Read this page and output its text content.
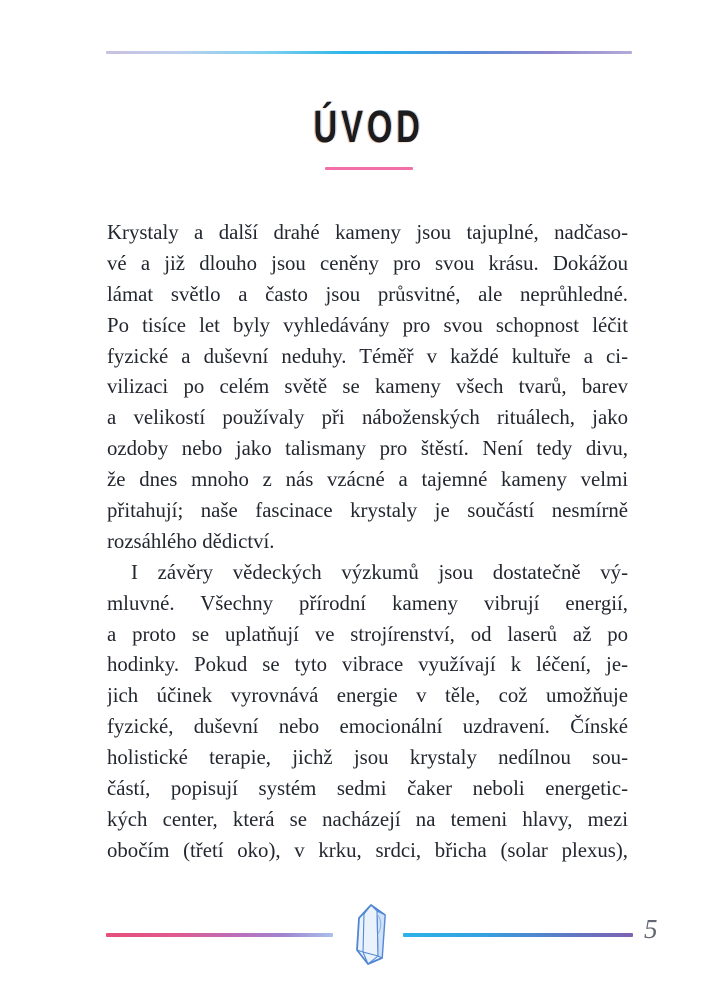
ÚVOD
Krystaly a další drahé kameny jsou tajuplné, nadčaso-
vé a již dlouho jsou ceněny pro svou krásu. Dokážou
lámat světlo a často jsou průsvitné, ale neprůhledné.
Po tisíce let byly vyhledávány pro svou schopnost léčit
fyzické a duševní neduhy. Téměř v každé kultuře a ci-
vilizaci po celém světě se kameny všech tvarů, barev
a velikostí používaly při náboženských rituálech, jako
ozdoby nebo jako talismany pro štěstí. Není tedy divu,
že dnes mnoho z nás vzácné a tajemné kameny velmi
přitahují; naše fascinace krystaly je součástí nesmírně
rozsáhlého dědictví.
I závěry vědeckých výzkumů jsou dostatečně vý-
mluvné. Všechny přírodní kameny vibrují energií,
a proto se uplatňují ve strojírenství, od laserů až po
hodinky. Pokud se tyto vibrace využívají k léčení, je-
jich účinek vyrovnává energie v těle, což umožňuje
fyzické, duševní nebo emocionální uzdravení. Čínské
holistické terapie, jichž jsou krystaly nedílnou sou-
částí, popisují systém sedmi čaker neboli energetic-
kých center, která se nacházejí na temeni hlavy, mezi
obočím (třetí oko), v krku, srdci, břicha (solar plexus),
5
